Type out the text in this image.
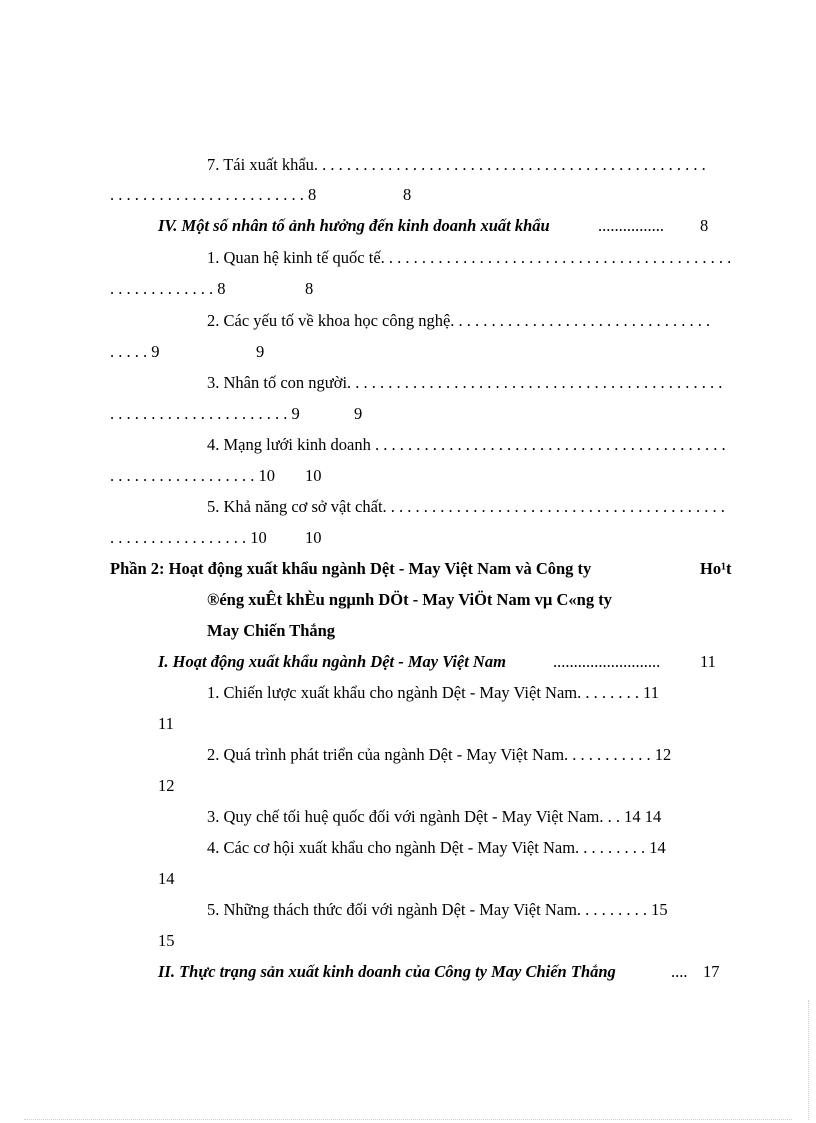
7. Tái xuất khẩu. . . . . . . . . . . . . . . . . . . . . . . . . . . . . . . . . . . . . . . . . . . . . . . .
. . . . . . . . . . . . . . . . . . . . . . . . 8	8
IV. Một số nhân tố ảnh hưởng đến kinh doanh xuất khẩu	................ 8
1. Quan hệ kinh tế quốc tế. . . . . . . . . . . . . . . . . . . . . . . . . . . . . . . . . . . . . . . . . . .
. . . . . . . . . . . . . 8	8
2. Các yếu tố về khoa học công nghệ. . . . . . . . . . . . . . . . . . . . . . . . . . . . . . . .
. . . . . 9	9
3. Nhân tố con người. . . . . . . . . . . . . . . . . . . . . . . . . . . . . . . . . . . . . . . . . . . . . .
. . . . . . . . . . . . . . . . . . . . . . 9	9
4. Mạng lưới kinh doanh . . . . . . . . . . . . . . . . . . . . . . . . . . . . . . . . . . . . . . . . . . .
. . . . . . . . . . . . . . . . . . 10 10
5. Khả năng cơ sở vật chất. . . . . . . . . . . . . . . . . . . . . . . . . . . . . . . . . . . . . . . . . .
. . . . . . . . . . . . . . . . . 10 10
Phần 2: Hoạt động xuất khẩu ngành Dệt - May Việt Nam và Công ty	Ho¹t
®éng xuÊt khÈu ngµnh DÖt - May ViÖt Nam vµ C«ng ty
May Chiến Thắng
I. Hoạt động xuất khẩu ngành Dệt - May Việt Nam	.......................... 11
1. Chiến lược xuất khẩu cho ngành Dệt - May Việt Nam. . . . . . . . 11
11
2. Quá trình phát triển của ngành Dệt - May Việt Nam. . . . . . . . . . . 12
12
3. Quy chế tối huệ quốc đối với ngành Dệt - May Việt Nam. . . 14 14
4. Các cơ hội xuất khẩu cho ngành Dệt - May Việt Nam. . . . . . . . . 14
14
5. Những thách thức đối với ngành Dệt - May Việt Nam. . . . . . . . . 15
15
II. Thực trạng sản xuất kinh doanh của Công ty May Chiến Thắng	.... 17
